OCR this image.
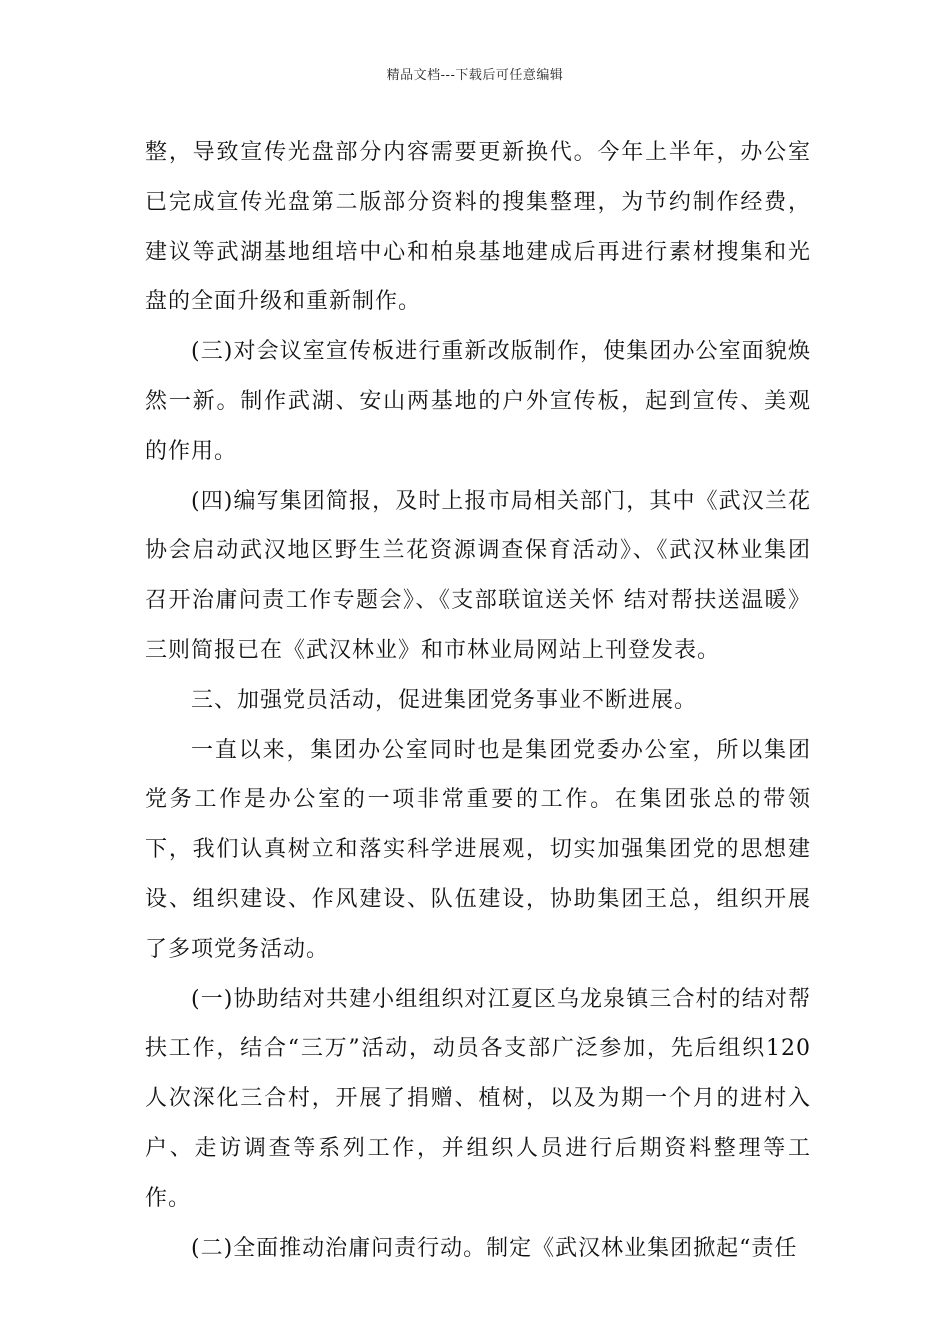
精品文档---下载后可任意编辑

整，导致宣传光盘部分内容需要更新换代。今年上半年，办公室已完成宣传光盘第二版部分资料的搜集整理，为节约制作经费，建议等武湖基地组培中心和柏泉基地建成后再进行素材搜集和光盘的全面升级和重新制作。

(三)对会议室宣传板进行重新改版制作，使集团办公室面貌焕然一新。制作武湖、安山两基地的户外宣传板，起到宣传、美观的作用。

(四)编写集团简报，及时上报市局相关部门，其中《武汉兰花协会启动武汉地区野生兰花资源调查保育活动》、《武汉林业集团召开治庸问责工作专题会》、《支部联谊送关怀 结对帮扶送温暖》三则简报已在《武汉林业》和市林业局网站上刊登发表。

三、加强党员活动，促进集团党务事业不断进展。

一直以来，集团办公室同时也是集团党委办公室，所以集团党务工作是办公室的一项非常重要的工作。在集团张总的带领下，我们认真树立和落实科学进展观，切实加强集团党的思想建设、组织建设、作风建设、队伍建设，协助集团王总，组织开展了多项党务活动。

(一)协助结对共建小组组织对江夏区乌龙泉镇三合村的结对帮扶工作，结合“三万”活动，动员各支部广泛参加，先后组织120人次深化三合村，开展了捐赠、植树，以及为期一个月的进村入户、走访调查等系列工作，并组织人员进行后期资料整理等工作。

(二)全面推动治庸问责行动。制定《武汉林业集团掀起“责任
